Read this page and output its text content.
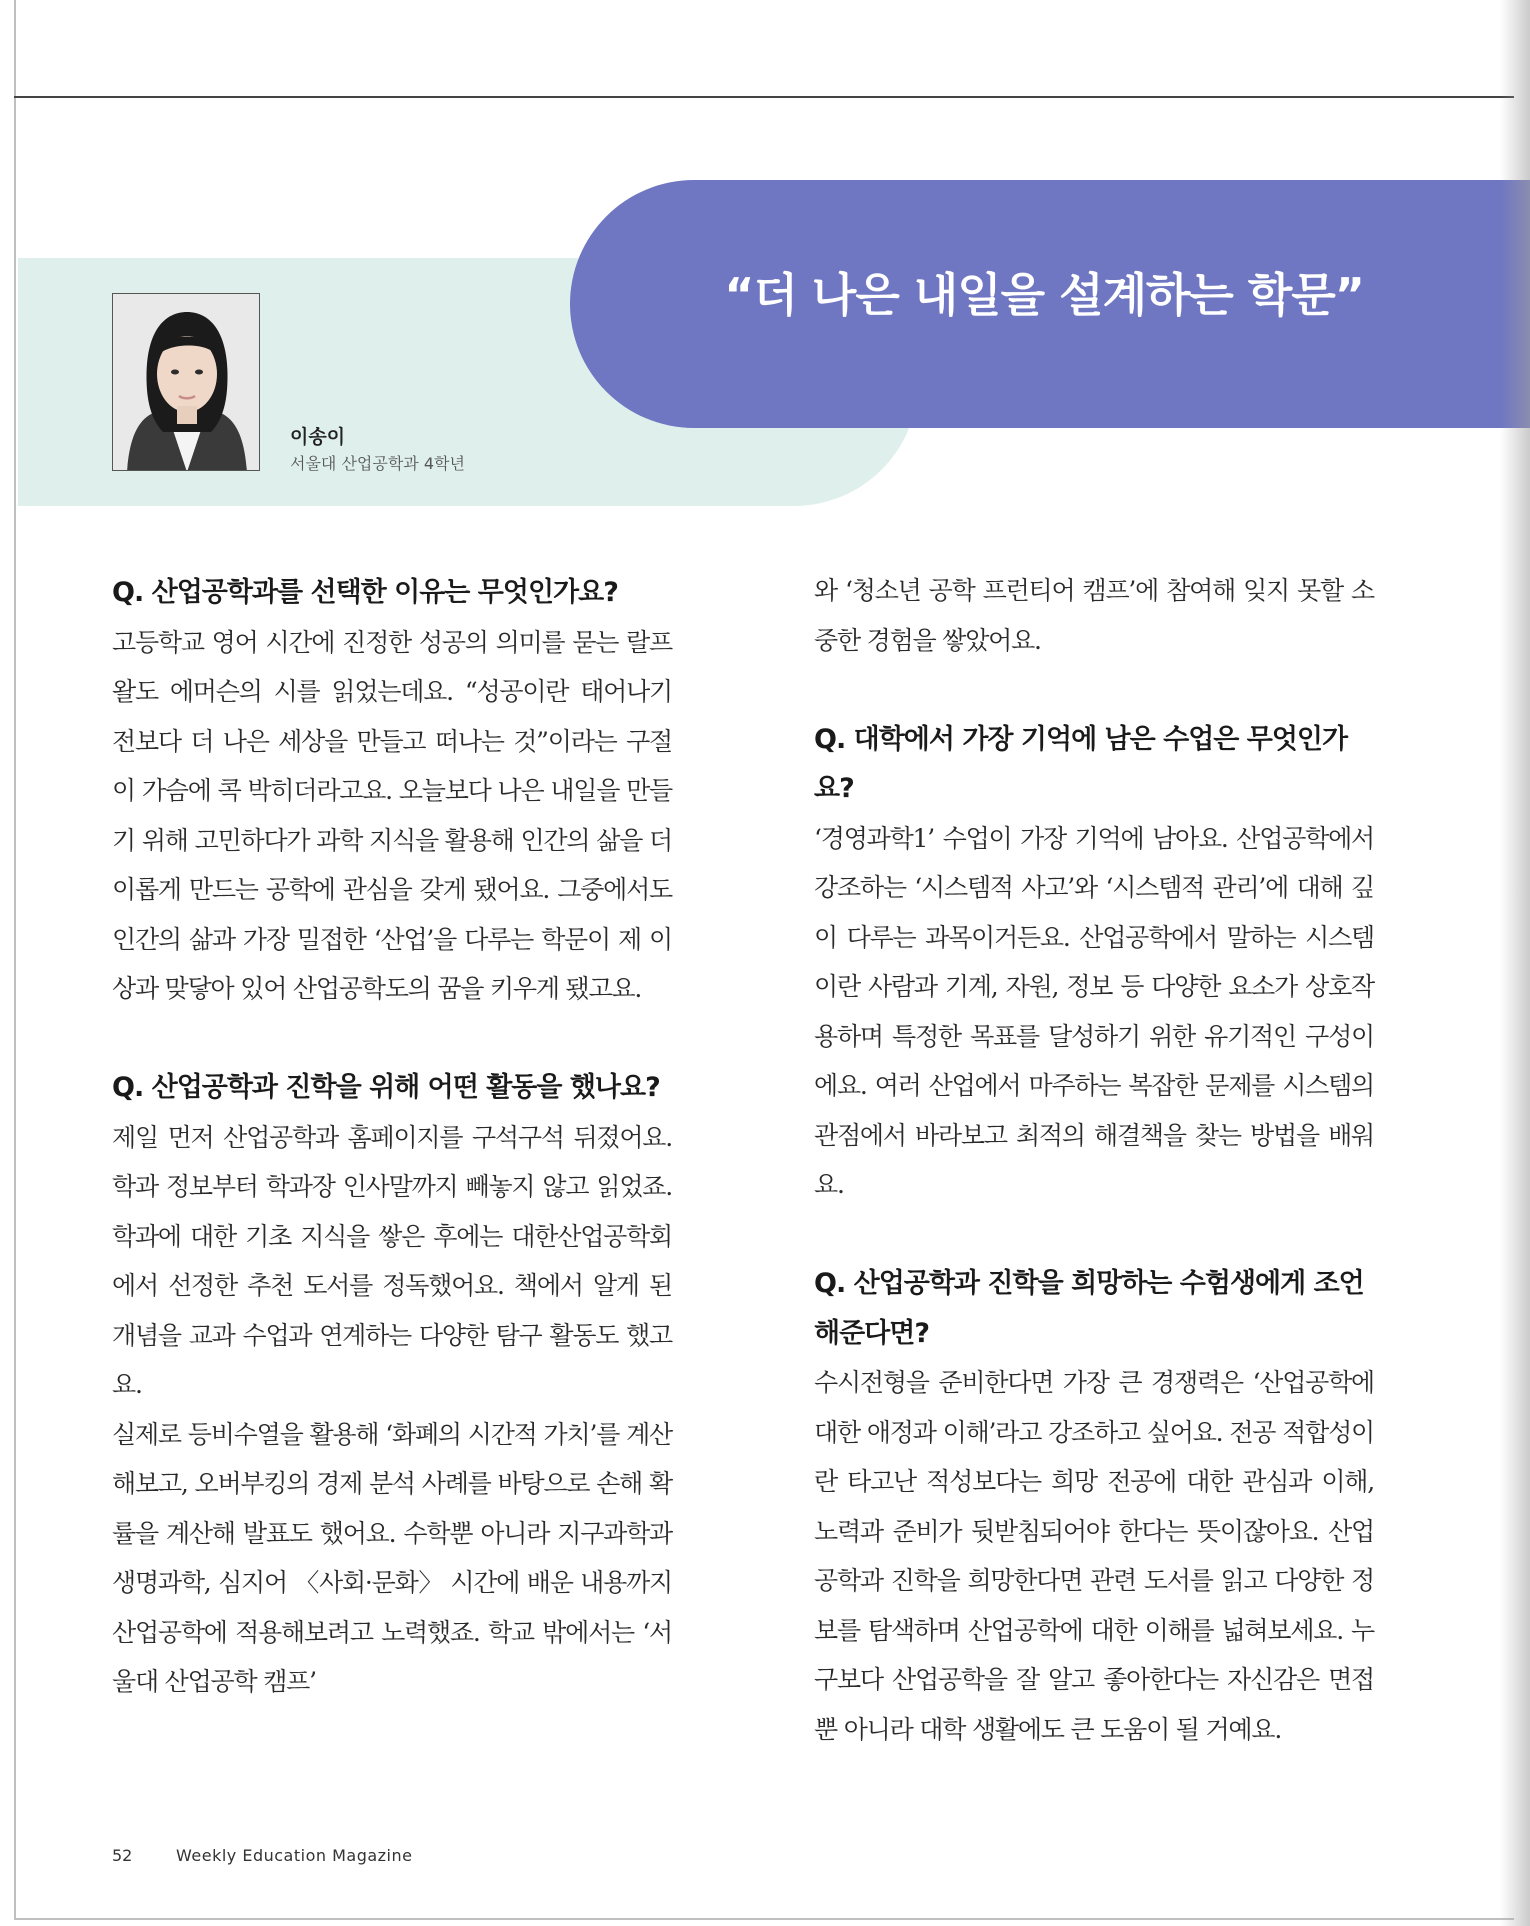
“더 나은 내일을 설계하는 학문”
이송이
서울대 산업공학과 4학년

Q. 산업공학과를 선택한 이유는 무엇인가요?

고등학교 영어 시간에 진정한 성공의 의미를 묻는 랄프 왈도 에머슨의 시를 읽었는데요. “성공이란 태어나기 전보다 더 나은 세상을 만들고 떠나는 것”이라는 구절이 가슴에 콕 박히더라고요. 오늘보다 나은 내일을 만들기 위해 고민하다가 과학 지식을 활용해 인간의 삶을 더 이롭게 만드는 공학에 관심을 갖게 됐어요. 그중에서도 인간의 삶과 가장 밀접한 ‘산업’을 다루는 학문이 제 이상과 맞닿아 있어 산업공학도의 꿈을 키우게 됐고요.

Q. 산업공학과 진학을 위해 어떤 활동을 했나요?

제일 먼저 산업공학과 홈페이지를 구석구석 뒤졌어요. 학과 정보부터 학과장 인사말까지 빼놓지 않고 읽었죠. 학과에 대한 기초 지식을 쌓은 후에는 대한산업공학회에서 선정한 추천 도서를 정독했어요. 책에서 알게 된 개념을 교과 수업과 연계하는 다양한 탐구 활동도 했고요.

실제로 등비수열을 활용해 ‘화폐의 시간적 가치’를 계산해보고, 오버부킹의 경제 분석 사례를 바탕으로 손해 확률을 계산해 발표도 했어요. 수학뿐 아니라 지구과학과 생명과학, 심지어 〈사회·문화〉 시간에 배운 내용까지 산업공학에 적용해보려고 노력했죠. 학교 밖에서는 ‘서울대 산업공학 캠프’

와 ‘청소년 공학 프런티어 캠프’에 참여해 잊지 못할 소중한 경험을 쌓았어요.

Q. 대학에서 가장 기억에 남은 수업은 무엇인가요?

‘경영과학1’ 수업이 가장 기억에 남아요. 산업공학에서 강조하는 ‘시스템적 사고’와 ‘시스템적 관리’에 대해 깊이 다루는 과목이거든요. 산업공학에서 말하는 시스템이란 사람과 기계, 자원, 정보 등 다양한 요소가 상호작용하며 특정한 목표를 달성하기 위한 유기적인 구성이에요. 여러 산업에서 마주하는 복잡한 문제를 시스템의 관점에서 바라보고 최적의 해결책을 찾는 방법을 배워요.

Q. 산업공학과 진학을 희망하는 수험생에게 조언해준다면?

수시전형을 준비한다면 가장 큰 경쟁력은 ‘산업공학에 대한 애정과 이해’라고 강조하고 싶어요. 전공 적합성이란 타고난 적성보다는 희망 전공에 대한 관심과 이해, 노력과 준비가 뒷받침되어야 한다는 뜻이잖아요. 산업공학과 진학을 희망한다면 관련 도서를 읽고 다양한 정보를 탐색하며 산업공학에 대한 이해를 넓혀보세요. 누구보다 산업공학을 잘 알고 좋아한다는 자신감은 면접뿐 아니라 대학 생활에도 큰 도움이 될 거예요.

52	Weekly Education Magazine
